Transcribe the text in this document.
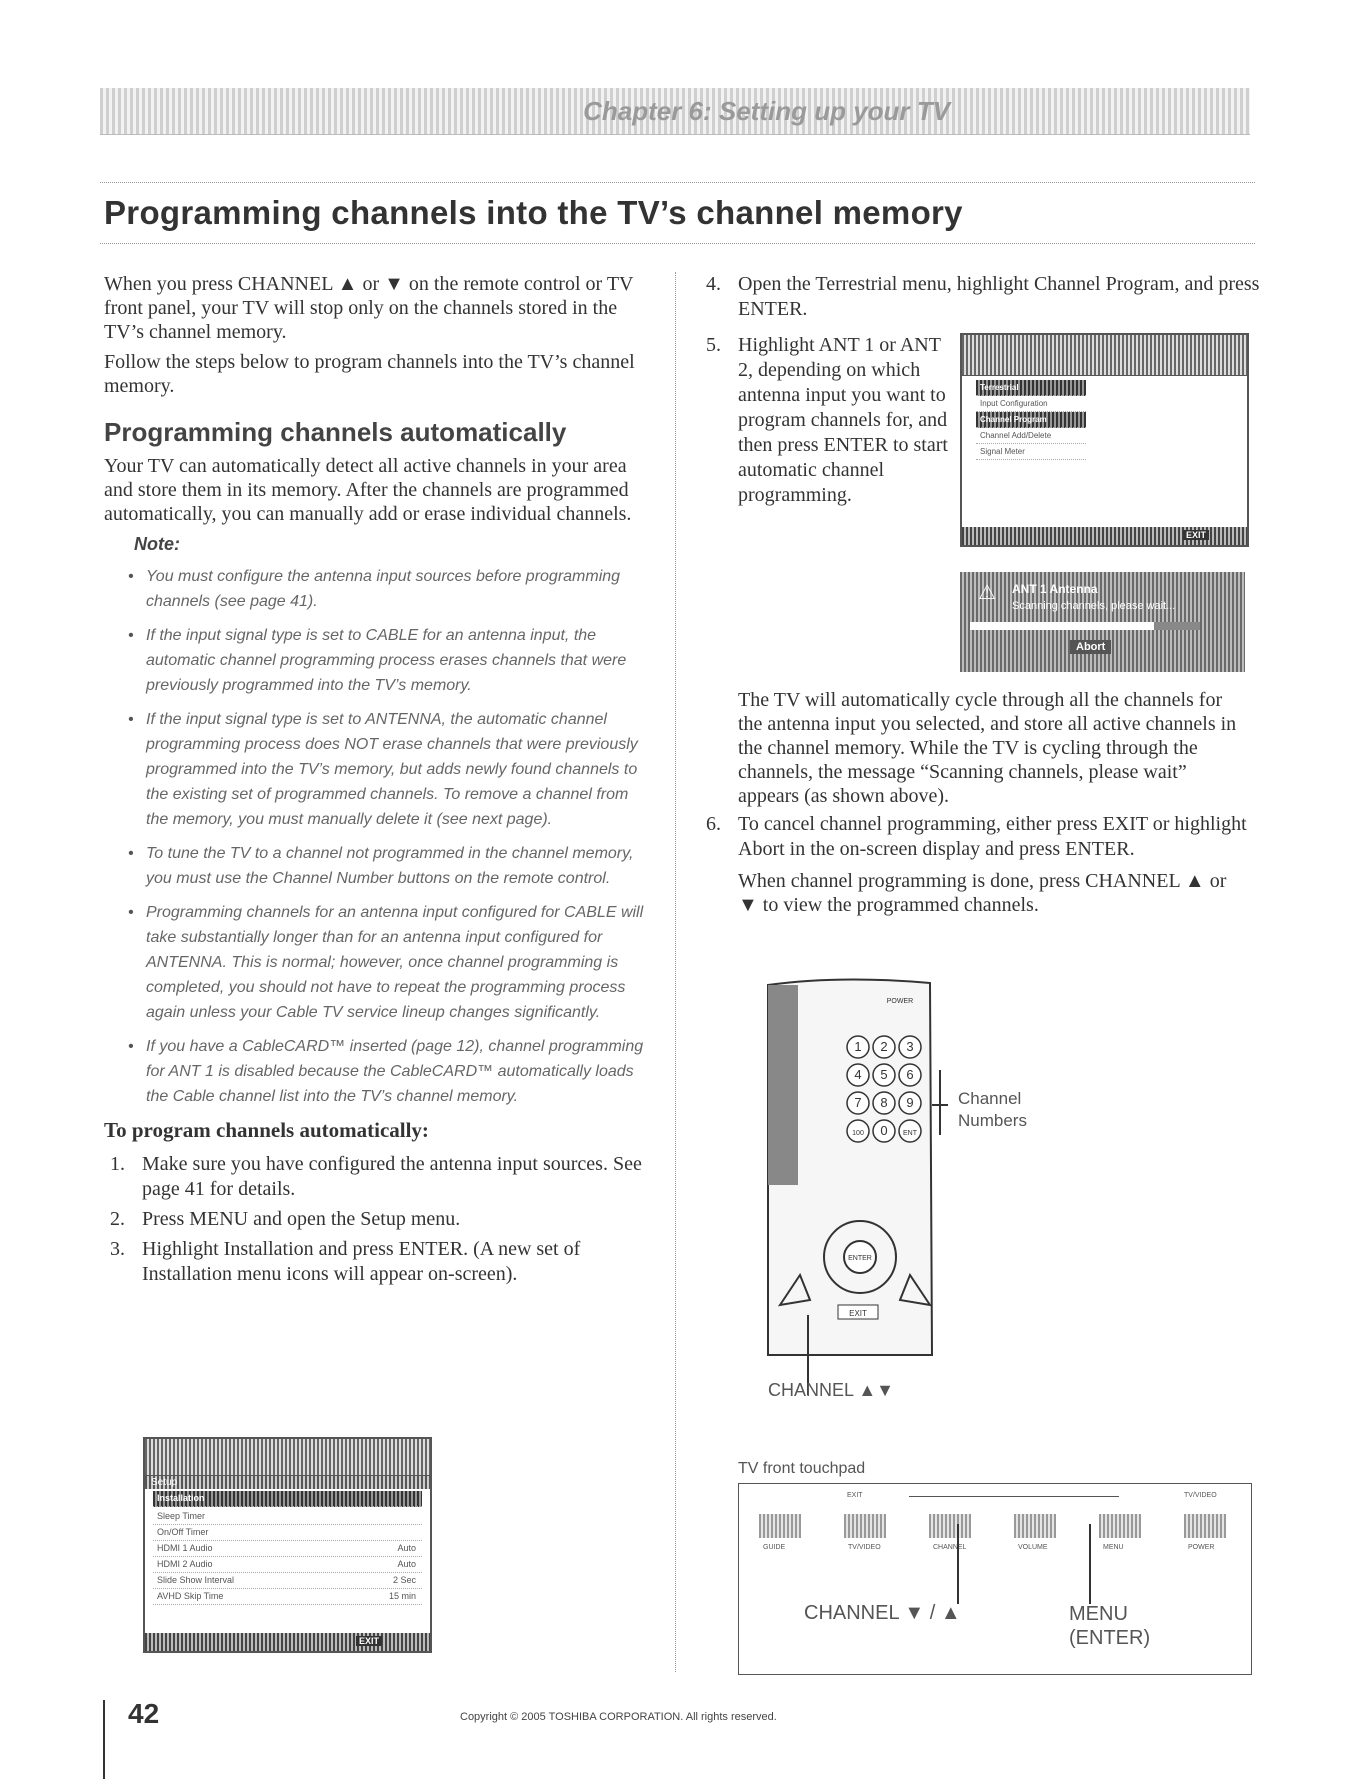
Chapter 6: Setting up your TV
Programming channels into the TV’s channel memory

When you press CHANNEL ▲ or ▼ on the remote control or TV front panel, your TV will stop only on the channels stored in the TV’s channel memory.

Follow the steps below to program channels into the TV’s channel memory.

Programming channels automatically

Your TV can automatically detect all active channels in your area and store them in its memory. After the channels are programmed automatically, you can manually add or erase individual channels.

Note:
• You must configure the antenna input sources before programming channels (see page 41).
• If the input signal type is set to CABLE for an antenna input, the automatic channel programming process erases channels that were previously programmed into the TV’s memory.
• If the input signal type is set to ANTENNA, the automatic channel programming process does NOT erase channels that were previously programmed into the TV’s memory, but adds newly found channels to the existing set of programmed channels. To remove a channel from the memory, you must manually delete it (see next page).
• To tune the TV to a channel not programmed in the channel memory, you must use the Channel Number buttons on the remote control.
• Programming channels for an antenna input configured for CABLE will take substantially longer than for an antenna input configured for ANTENNA. This is normal; however, once channel programming is completed, you should not have to repeat the programming process again unless your Cable TV service lineup changes significantly.
• If you have a CableCARD™ inserted (page 12), channel programming for ANT 1 is disabled because the CableCARD™ automatically loads the Cable channel list into the TV’s channel memory.
To program channels automatically:
1. Make sure you have configured the antenna input sources. See page 41 for details.
2. Press MENU and open the Setup menu.
3. Highlight Installation and press ENTER. (A new set of Installation menu icons will appear on-screen).
Setup
Installation
Sleep Timer
On/Off Timer
HDMI 1 Audio	Auto
HDMI 2 Audio	Auto
Slide Show Interval	2 Sec
AVHD Skip Time	15 min
EXIT
4. Open the Terrestrial menu, highlight Channel Program, and press ENTER.
5. Highlight ANT 1 or ANT 2, depending on which antenna input you want to program channels for, and then press ENTER to start automatic channel programming.
Terrestrial
Input Configuration
Channel Program
Channel Add/Delete
Signal Meter
EXIT
⚠ ANT 1 Antenna
Scanning channels, please wait...
Abort
The TV will automatically cycle through all the channels for the antenna input you selected, and store all active channels in the channel memory. While the TV is cycling through the channels, the message “Scanning channels, please wait” appears (as shown above).
6. To cancel channel programming, either press EXIT or highlight Abort in the on-screen display and press ENTER.
When channel programming is done, press CHANNEL ▲ or ▼ to view the programmed channels.
1 2 3
4 5 6
7 8 9
100 0 ENT
POWER
ENTER
EXIT
Channel
Numbers
CHANNEL ▲▼
TV front touchpad
EXIT	TV/VIDEO
GUIDE	TV/VIDEO	CHANNEL	VOLUME	MENU	POWER
CHANNEL ▼ / ▲	MENU
(ENTER)
42	Copyright © 2005 TOSHIBA CORPORATION. All rights reserved.
